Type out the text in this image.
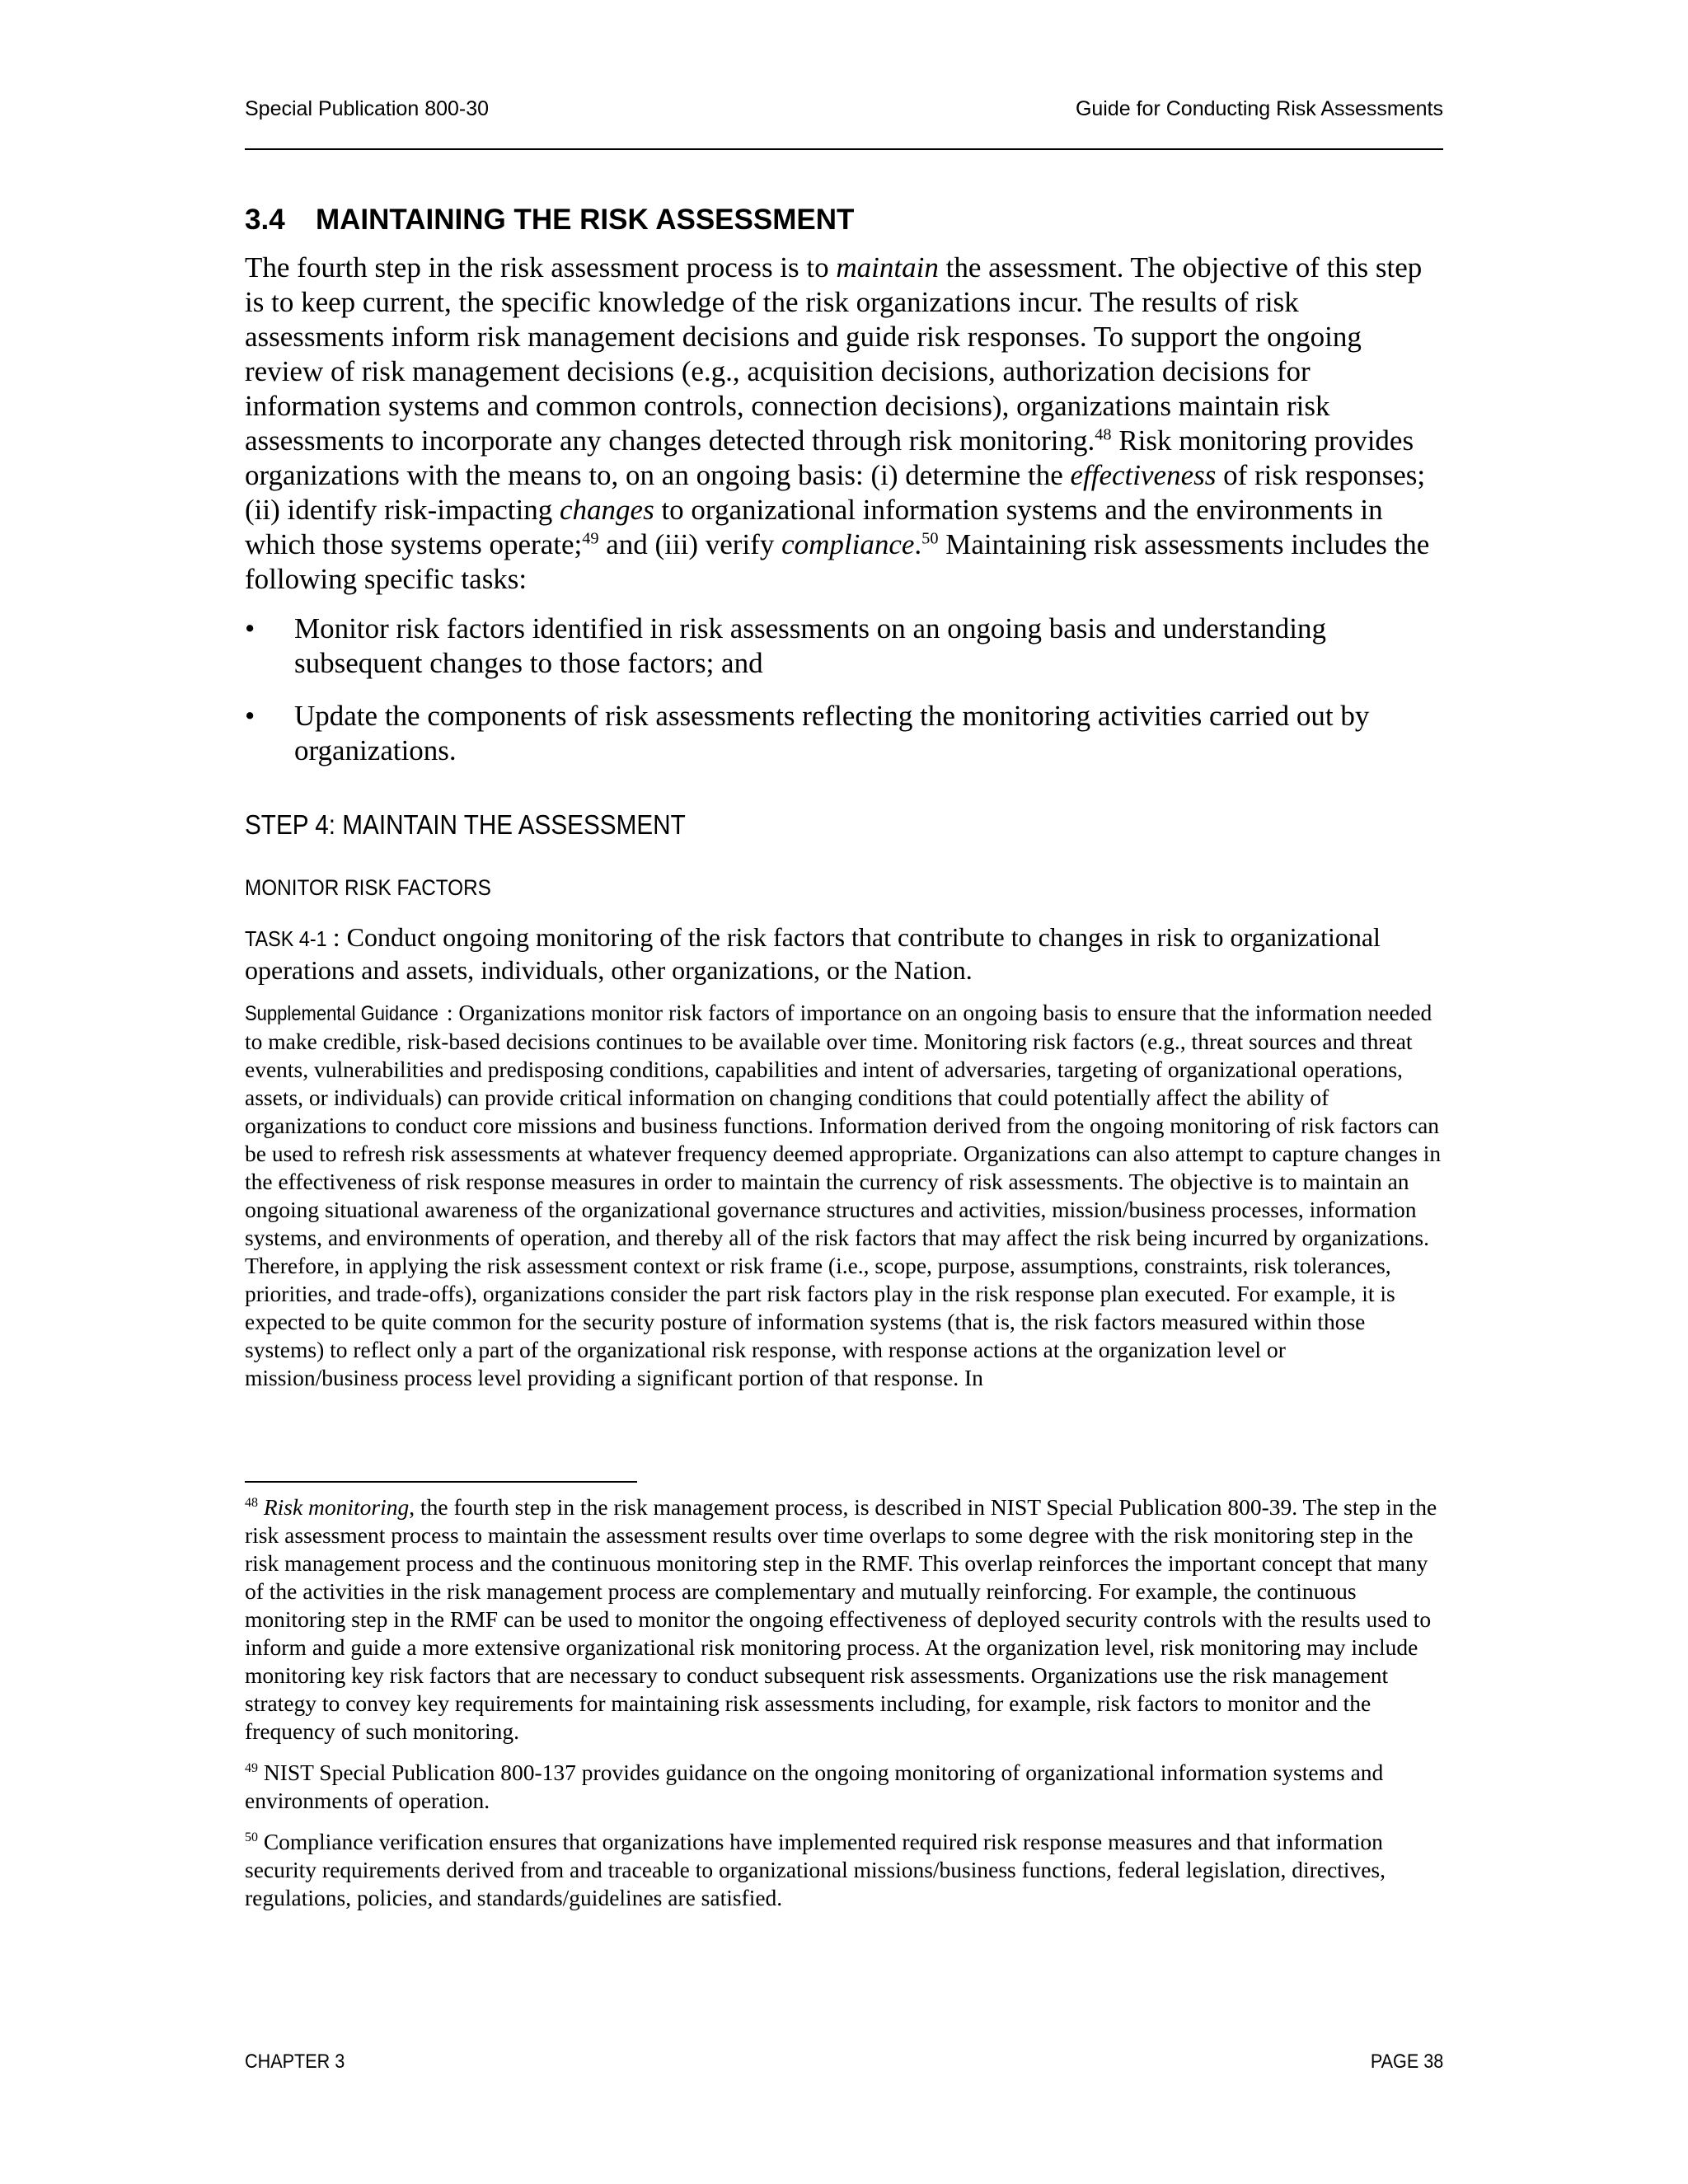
Special Publication 800-30	Guide for Conducting Risk Assessments
3.4 MAINTAINING THE RISK ASSESSMENT

The fourth step in the risk assessment process is to maintain the assessment. The objective of this step is to keep current, the specific knowledge of the risk organizations incur. The results of risk assessments inform risk management decisions and guide risk responses. To support the ongoing review of risk management decisions (e.g., acquisition decisions, authorization decisions for information systems and common controls, connection decisions), organizations maintain risk assessments to incorporate any changes detected through risk monitoring.$^{48}$ Risk monitoring provides organizations with the means to, on an ongoing basis: (i) determine the effectiveness of risk responses; (ii) identify risk-impacting changes to organizational information systems and the environments in which those systems operate;$^{49}$ and (iii) verify compliance.$^{50}$ Maintaining risk assessments includes the following specific tasks:

• Monitor risk factors identified in risk assessments on an ongoing basis and understanding subsequent changes to those factors; and
• Update the components of risk assessments reflecting the monitoring activities carried out by organizations.
STEP 4: MAINTAIN THE ASSESSMENT
MONITOR RISK FACTORS
TASK 4-1 : Conduct ongoing monitoring of the risk factors that contribute to changes in risk to organizational operations and assets, individuals, other organizations, or the Nation.
Supplemental Guidance : Organizations monitor risk factors of importance on an ongoing basis to ensure that the information needed to make credible, risk-based decisions continues to be available over time. Monitoring risk factors (e.g., threat sources and threat events, vulnerabilities and predisposing conditions, capabilities and intent of adversaries, targeting of organizational operations, assets, or individuals) can provide critical information on changing conditions that could potentially affect the ability of organizations to conduct core missions and business functions. Information derived from the ongoing monitoring of risk factors can be used to refresh risk assessments at whatever frequency deemed appropriate. Organizations can also attempt to capture changes in the effectiveness of risk response measures in order to maintain the currency of risk assessments. The objective is to maintain an ongoing situational awareness of the organizational governance structures and activities, mission/business processes, information systems, and environments of operation, and thereby all of the risk factors that may affect the risk being incurred by organizations. Therefore, in applying the risk assessment context or risk frame (i.e., scope, purpose, assumptions, constraints, risk tolerances, priorities, and trade-offs), organizations consider the part risk factors play in the risk response plan executed. For example, it is expected to be quite common for the security posture of information systems (that is, the risk factors measured within those systems) to reflect only a part of the organizational risk response, with response actions at the organization level or mission/business process level providing a significant portion of that response. In

$^{48}$ Risk monitoring, the fourth step in the risk management process, is described in NIST Special Publication 800-39. The step in the risk assessment process to maintain the assessment results over time overlaps to some degree with the risk monitoring step in the risk management process and the continuous monitoring step in the RMF. This overlap reinforces the important concept that many of the activities in the risk management process are complementary and mutually reinforcing. For example, the continuous monitoring step in the RMF can be used to monitor the ongoing effectiveness of deployed security controls with the results used to inform and guide a more extensive organizational risk monitoring process. At the organization level, risk monitoring may include monitoring key risk factors that are necessary to conduct subsequent risk assessments. Organizations use the risk management strategy to convey key requirements for maintaining risk assessments including, for example, risk factors to monitor and the frequency of such monitoring.

$^{49}$ NIST Special Publication 800-137 provides guidance on the ongoing monitoring of organizational information systems and environments of operation.

$^{50}$ Compliance verification ensures that organizations have implemented required risk response measures and that information security requirements derived from and traceable to organizational missions/business functions, federal legislation, directives, regulations, policies, and standards/guidelines are satisfied.

CHAPTER 3	PAGE 38
